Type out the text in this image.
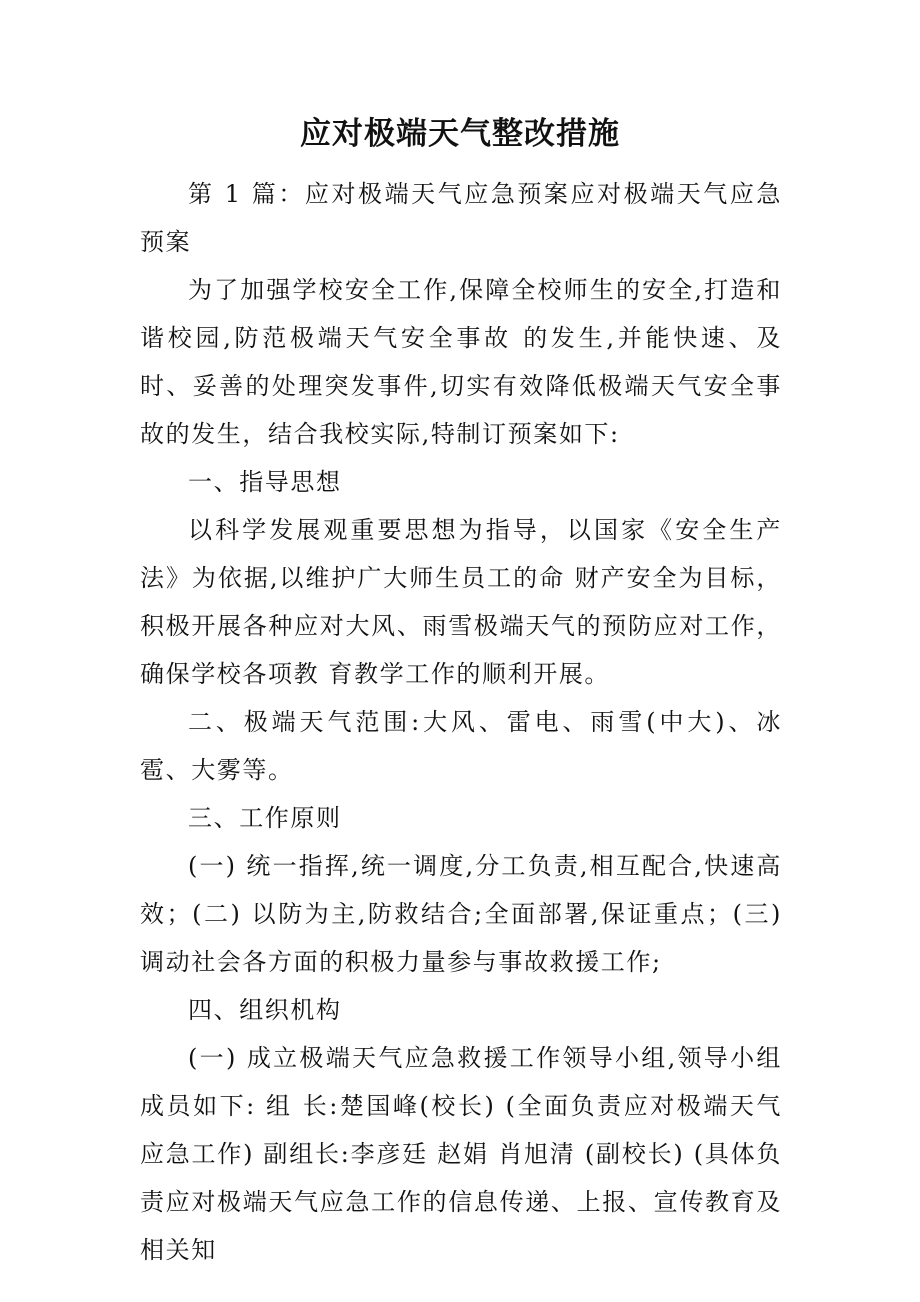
应对极端天气整改措施

第 1 篇：应对极端天气应急预案应对极端天气应急预案

为了加强学校安全工作,保障全校师生的安全,打造和谐校园,防范极端天气安全事故 的发生,并能快速、及时、妥善的处理突发事件,切实有效降低极端天气安全事故的发生，结合我校实际,特制订预案如下:

一、指导思想

以科学发展观重要思想为指导，以国家《安全生产法》为依据,以维护广大师生员工的命 财产安全为目标，积极开展各种应对大风、雨雪极端天气的预防应对工作，确保学校各项教 育教学工作的顺利开展。

二、极端天气范围:大风、雷电、雨雪(中大)、冰雹、大雾等。

三、工作原则

(一) 统一指挥,统一调度,分工负责,相互配合,快速高效；(二) 以防为主,防救结合;全面部署,保证重点；(三) 调动社会各方面的积极力量参与事故救援工作;

四、组织机构

(一) 成立极端天气应急救援工作领导小组,领导小组成员如下: 组 长:楚国峰(校长) (全面负责应对极端天气应急工作) 副组长:李彦廷 赵娟 肖旭清 (副校长) (具体负责应对极端天气应急工作的信息传递、上报、宣传教育及相关知
